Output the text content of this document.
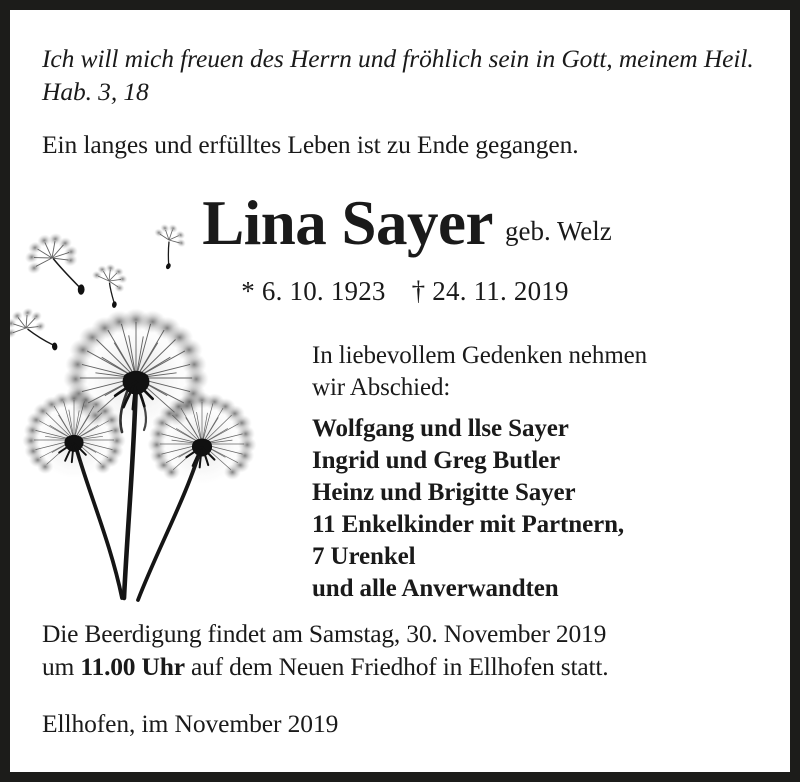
Ich will mich freuen des Herrn und fröhlich sein in Gott, meinem Heil.
Hab. 3, 18
Ein langes und erfülltes Leben ist zu Ende gegangen.
Lina Sayer geb. Welz
* 6. 10. 1923 † 24. 11. 2019
In liebevollem Gedenken nehmen
wir Abschied:
Wolfgang und llse Sayer
Ingrid und Greg Butler
Heinz und Brigitte Sayer
11 Enkelkinder mit Partnern,
7 Urenkel
und alle Anverwandten
Die Beerdigung findet am Samstag, 30. November 2019
um 11.00 Uhr auf dem Neuen Friedhof in Ellhofen statt.
Ellhofen, im November 2019
